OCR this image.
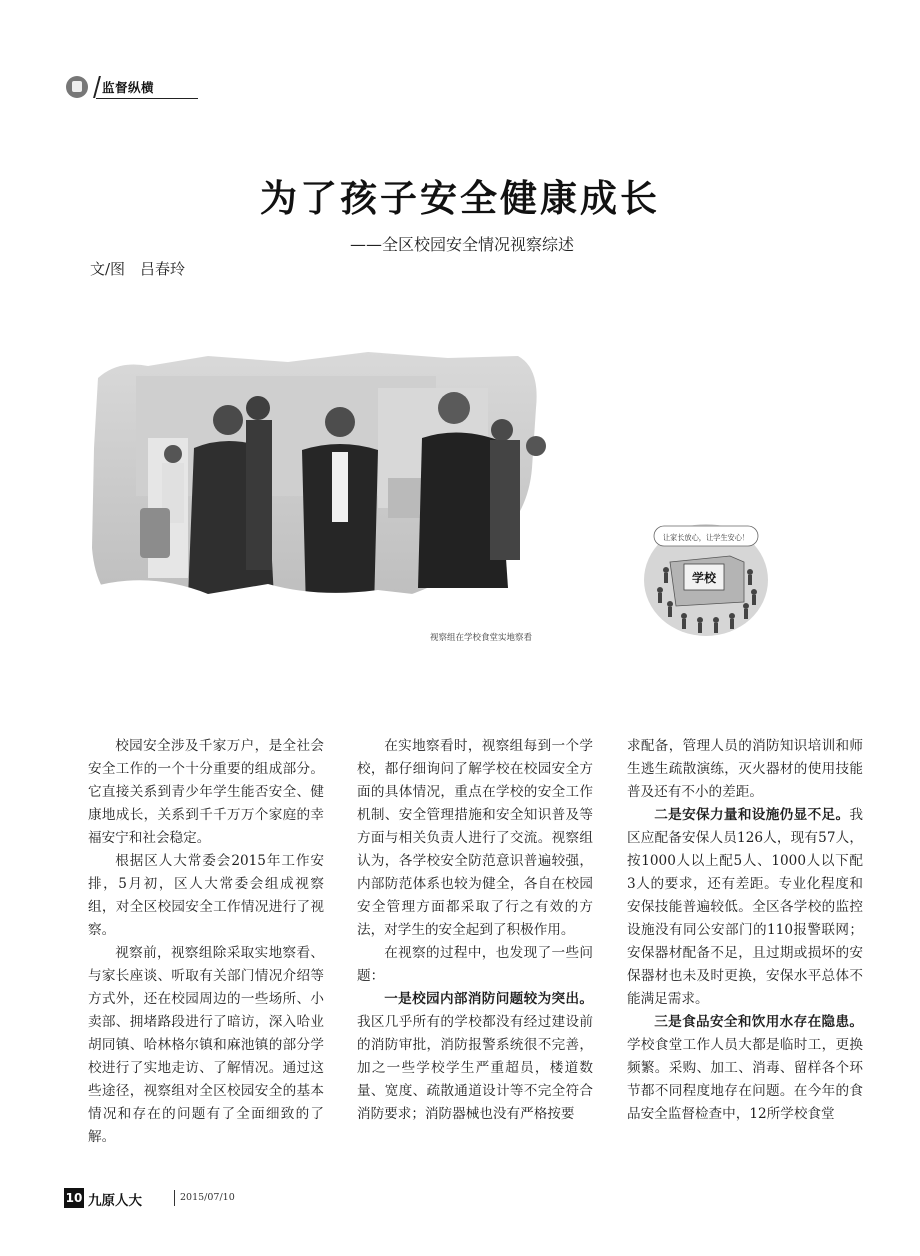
监督纵横
为了孩子安全健康成长
——全区校园安全情况视察综述
文/图　吕春玲
视察组在学校食堂实地察看
让家长放心，让学生安心！
学校

校园安全涉及千家万户，是全社会安全工作的一个十分重要的组成部分。它直接关系到青少年学生能否安全、健康地成长，关系到千千万万个家庭的幸福安宁和社会稳定。

根据区人大常委会2015年工作安排，5月初，区人大常委会组成视察组，对全区校园安全工作情况进行了视察。

视察前，视察组除采取实地察看、与家长座谈、听取有关部门情况介绍等方式外，还在校园周边的一些场所、小卖部、拥堵路段进行了暗访，深入哈业胡同镇、哈林格尔镇和麻池镇的部分学校进行了实地走访、了解情况。通过这些途径，视察组对全区校园安全的基本情况和存在的问题有了全面细致的了解。

在实地察看时，视察组每到一个学校，都仔细询问了解学校在校园安全方面的具体情况，重点在学校的安全工作机制、安全管理措施和安全知识普及等方面与相关负责人进行了交流。视察组认为，各学校安全防范意识普遍较强，内部防范体系也较为健全，各自在校园安全管理方面都采取了行之有效的方法，对学生的安全起到了积极作用。

在视察的过程中，也发现了一些问题：

一是校园内部消防问题较为突出。我区几乎所有的学校都没有经过建设前的消防审批，消防报警系统很不完善，加之一些学校学生严重超员，楼道数量、宽度、疏散通道设计等不完全符合消防要求；消防器械也没有严格按要

求配备，管理人员的消防知识培训和师生逃生疏散演练，灭火器材的使用技能普及还有不小的差距。

二是安保力量和设施仍显不足。我区应配备安保人员126人，现有57人，按1000人以上配5人、1000人以下配3人的要求，还有差距。专业化程度和安保技能普遍较低。全区各学校的监控设施没有同公安部门的110报警联网；安保器材配备不足，且过期或损坏的安保器材也未及时更换，安保水平总体不能满足需求。

三是食品安全和饮用水存在隐患。学校食堂工作人员大都是临时工，更换频繁。采购、加工、消毒、留样各个环节都不同程度地存在问题。在今年的食品安全监督检查中，12所学校食堂

10 九原人大	2015/07/10
